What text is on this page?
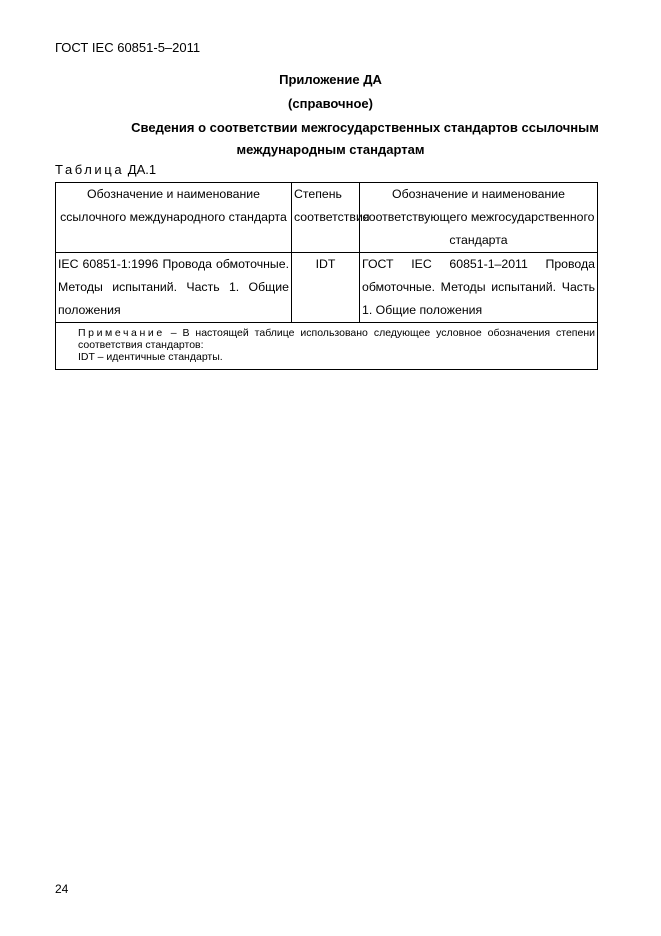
ГОСТ IEC 60851-5–2011
Приложение ДА
(справочное)
Сведения о соответствии межгосударственных стандартов ссылочным
международным стандартам
Таблица ДА.1
Обозначение и наименование ссылочного международного стандарта	Степень соответствия	Обозначение и наименование соответствующего межгосударственного стандарта
IEC 60851-1:1996 Провода обмоточные. Методы испытаний. Часть 1. Общие положения	IDT	ГОСТ IEC 60851-1–2011 Провода обмоточные. Методы испытаний. Часть 1. Общие положения

Примечание – В настоящей таблице использовано следующее условное обозначения степени соответствия стандартов:
IDT – идентичные стандарты.		
24
